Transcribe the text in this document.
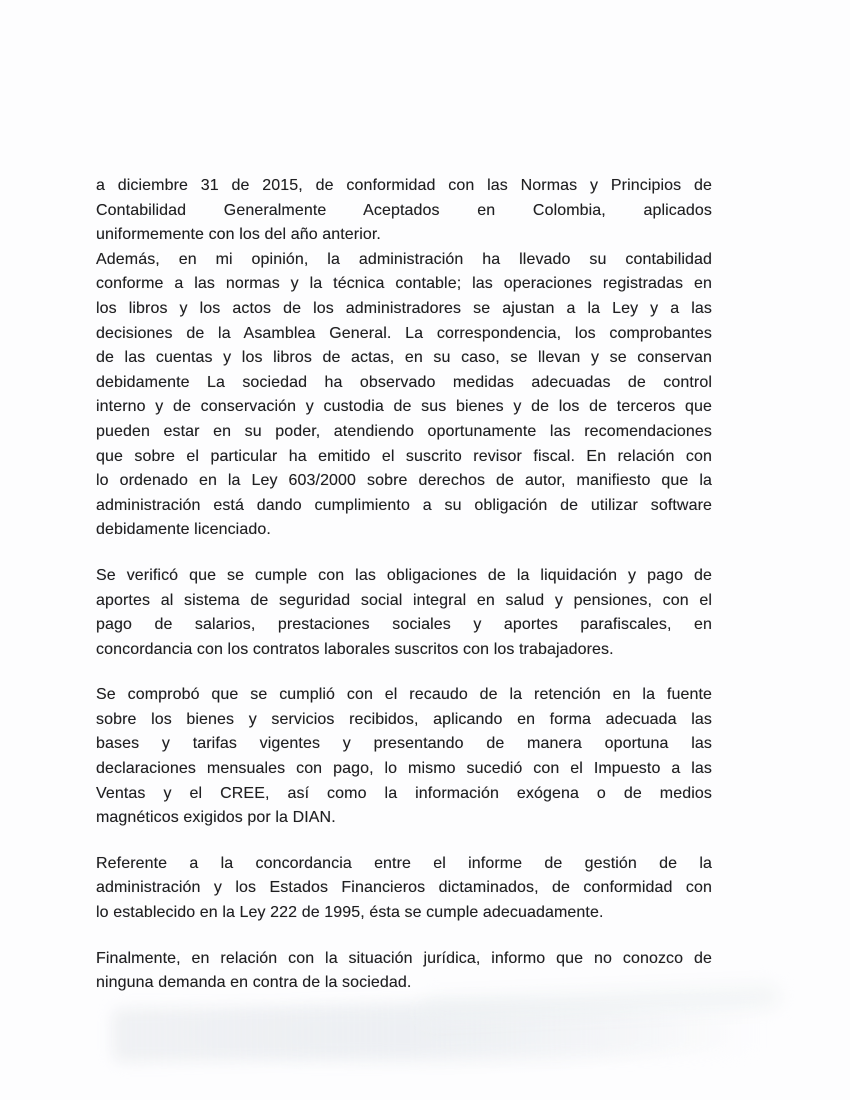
a diciembre 31 de 2015, de conformidad con las Normas y Principios de
Contabilidad Generalmente Aceptados en Colombia, aplicados
uniformemente con los del año anterior.

Además, en mi opinión, la administración ha llevado su contabilidad
conforme a las normas y la técnica contable; las operaciones registradas en
los libros y los actos de los administradores se ajustan a la Ley y a las
decisiones de la Asamblea General. La correspondencia, los comprobantes
de las cuentas y los libros de actas, en su caso, se llevan y se conservan
debidamente La sociedad ha observado medidas adecuadas de control
interno y de conservación y custodia de sus bienes y de los de terceros que
pueden estar en su poder, atendiendo oportunamente las recomendaciones
que sobre el particular ha emitido el suscrito revisor fiscal. En relación con
lo ordenado en la Ley 603/2000 sobre derechos de autor, manifiesto que la
administración está dando cumplimiento a su obligación de utilizar software
debidamente licenciado.

Se verificó que se cumple con las obligaciones de la liquidación y pago de
aportes al sistema de seguridad social integral en salud y pensiones, con el
pago de salarios, prestaciones sociales y aportes parafiscales, en
concordancia con los contratos laborales suscritos con los trabajadores.

Se comprobó que se cumplió con el recaudo de la retención en la fuente
sobre los bienes y servicios recibidos, aplicando en forma adecuada las
bases y tarifas vigentes y presentando de manera oportuna las
declaraciones mensuales con pago, lo mismo sucedió con el Impuesto a las
Ventas y el CREE, así como la información exógena o de medios
magnéticos exigidos por la DIAN.

Referente a la concordancia entre el informe de gestión de la
administración y los Estados Financieros dictaminados, de conformidad con
lo establecido en la Ley 222 de 1995, ésta se cumple adecuadamente.

Finalmente, en relación con la situación jurídica, informo que no conozco de
ninguna demanda en contra de la sociedad.
